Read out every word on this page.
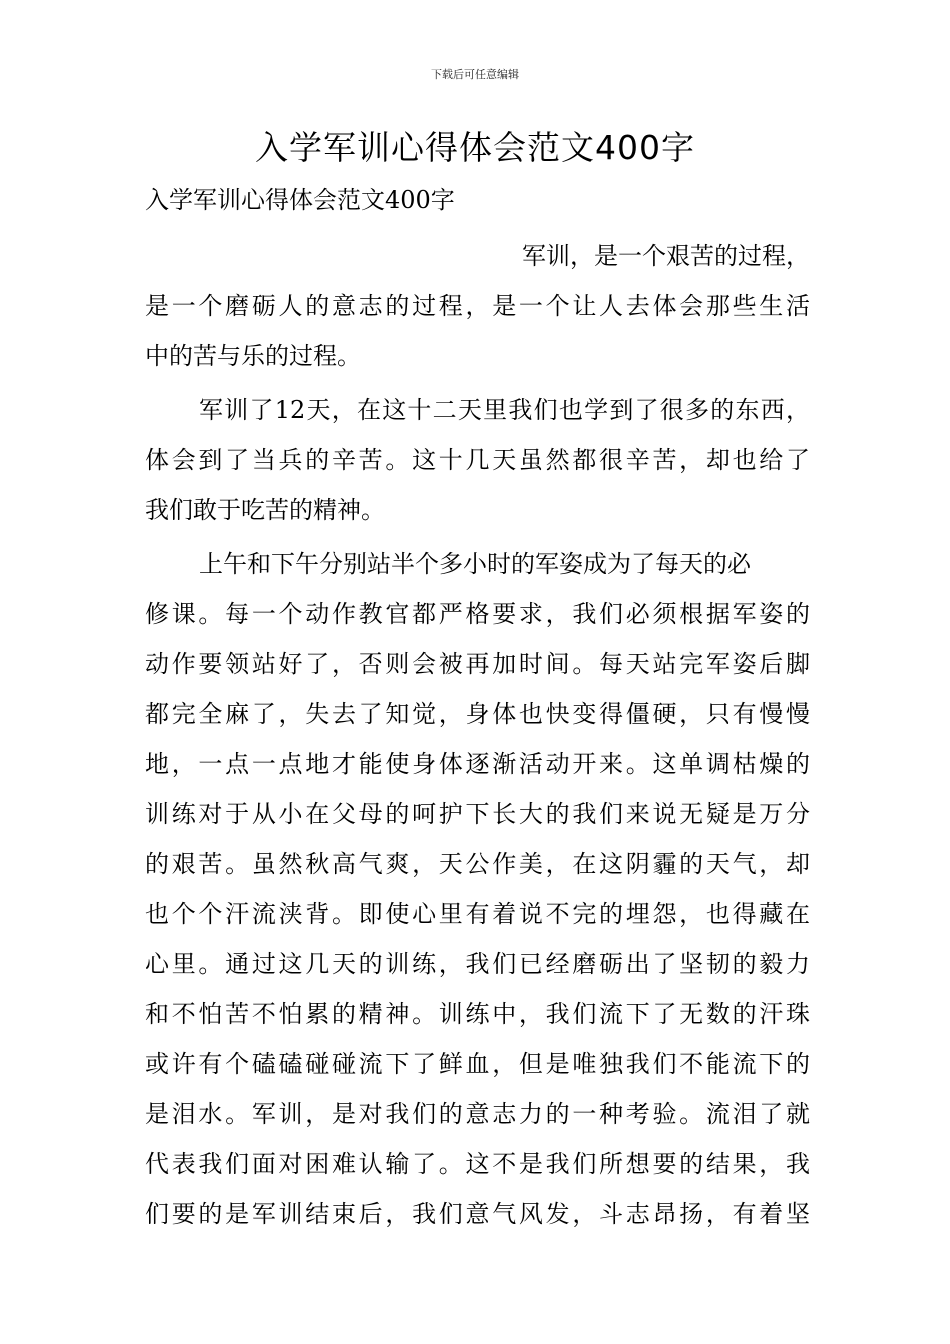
下载后可任意编辑
入学军训心得体会范文400字
入学军训心得体会范文400字
军训，是一个艰苦的过程，
是一个磨砺人的意志的过程，是一个让人去体会那些生活
中的苦与乐的过程。
军训了12天，在这十二天里我们也学到了很多的东西，
体会到了当兵的辛苦。这十几天虽然都很辛苦，却也给了
我们敢于吃苦的精神。
上午和下午分别站半个多小时的军姿成为了每天的必
修课。每一个动作教官都严格要求，我们必须根据军姿的
动作要领站好了，否则会被再加时间。每天站完军姿后脚
都完全麻了，失去了知觉，身体也快变得僵硬，只有慢慢
地，一点一点地才能使身体逐渐活动开来。这单调枯燥的
训练对于从小在父母的呵护下长大的我们来说无疑是万分
的艰苦。虽然秋高气爽，天公作美，在这阴霾的天气，却
也个个汗流浃背。即使心里有着说不完的埋怨，也得藏在
心里。通过这几天的训练，我们已经磨砺出了坚韧的毅力
和不怕苦不怕累的精神。训练中，我们流下了无数的汗珠
或许有个磕磕碰碰流下了鲜血，但是唯独我们不能流下的
是泪水。军训，是对我们的意志力的一种考验。流泪了就
代表我们面对困难认输了。这不是我们所想要的结果，我
们要的是军训结束后，我们意气风发，斗志昂扬，有着坚
